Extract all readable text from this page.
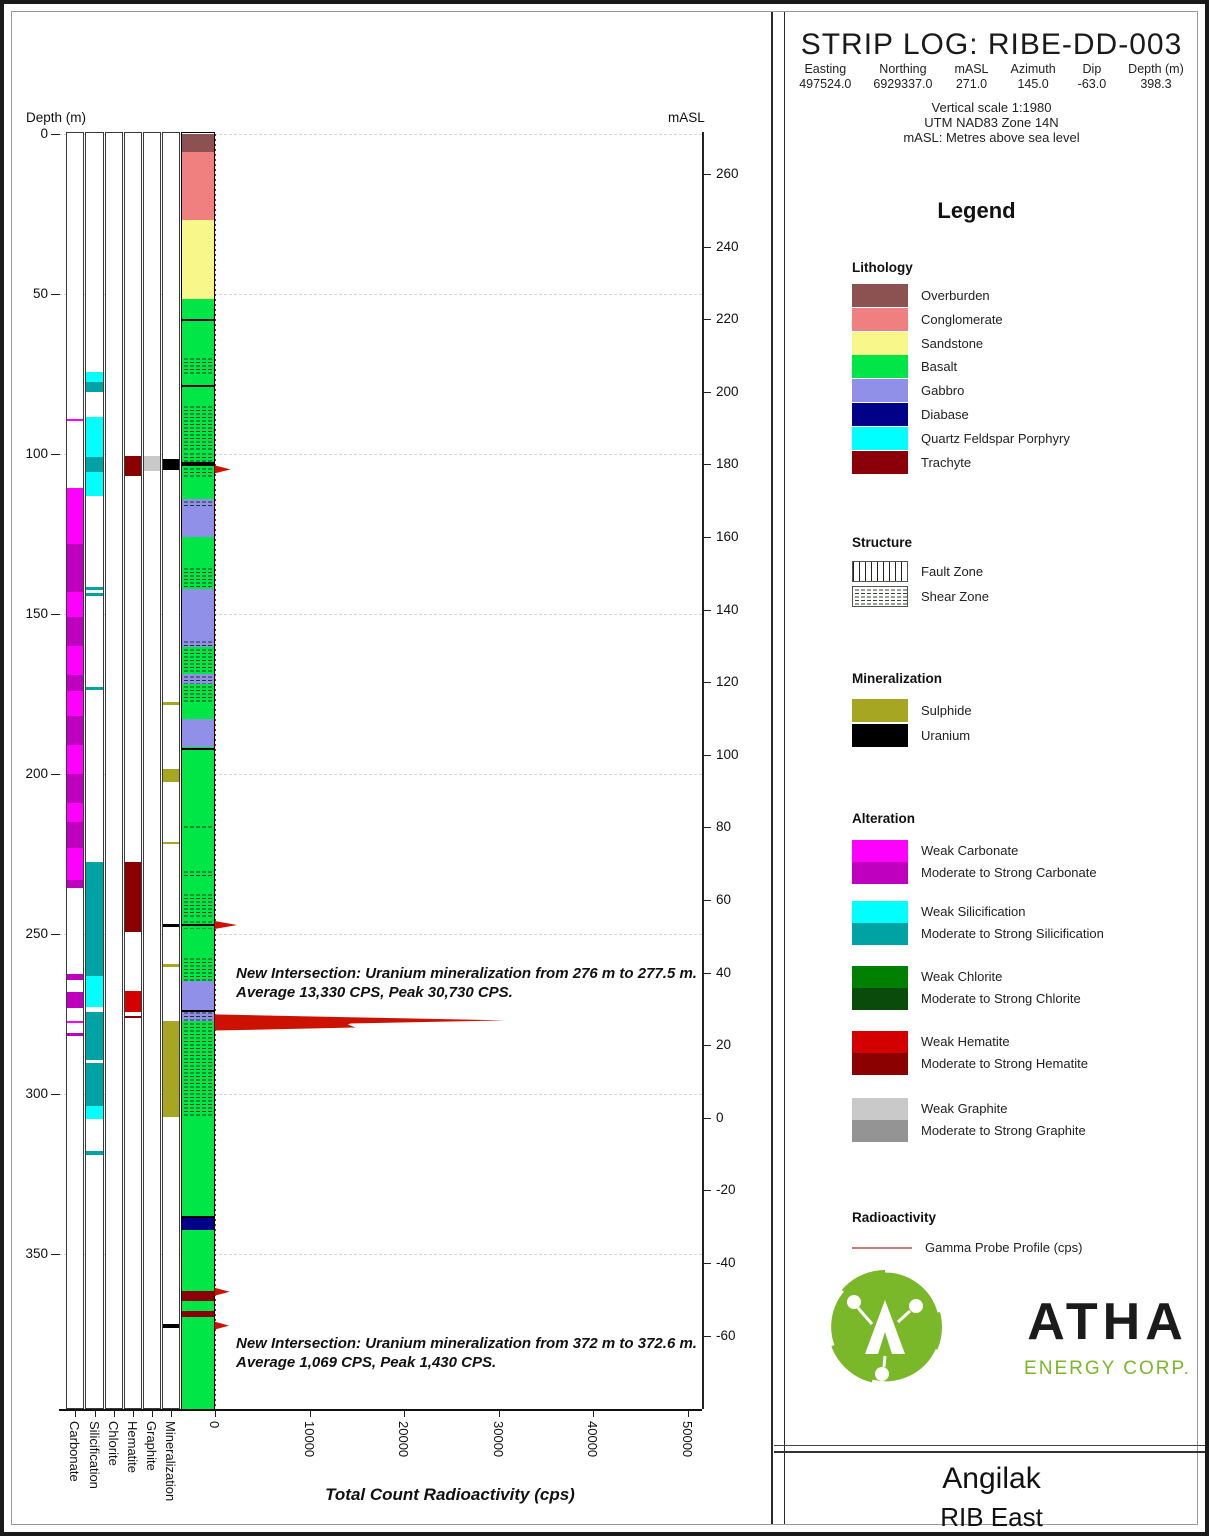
Depth (m)	mASL
New Intersection: Uranium mineralization from 276 m to 277.5 m. Average 13,330 CPS, Peak 30,730 CPS.
New Intersection: Uranium mineralization from 372 m to 372.6 m. Average 1,069 CPS, Peak 1,430 CPS.
Total Count Radioactivity (cps)
0
50
100
150
200
250
300
350
260
240
220
200
180
160
140
120
100
80
60
40
20
0
-20
-40
-60
Carbonate Silicification Chlorite Hematite Graphite Mineralization 0	10000	20000	30000	40000	50000
STRIP LOG: RIBE-DD-003
Easting
497524.0
Northing
6929337.0
mASL
271.0
Azimuth
145.0
Dip
-63.0
Depth (m)
398.3
Vertical scale 1:1980
UTM NAD83 Zone 14N
mASL: Metres above sea level
Legend
Lithology
Overburden
Conglomerate
Sandstone
Basalt
Gabbro
Diabase
Quartz Feldspar Porphyry
Trachyte
Structure
Fault Zone
Shear Zone
Mineralization
Sulphide
Uranium
Alteration
Weak Carbonate
Moderate to Strong Carbonate
Weak Silicification
Moderate to Strong Silicification
Weak Chlorite
Moderate to Strong Chlorite
Weak Hematite
Moderate to Strong Hematite
Weak Graphite
Moderate to Strong Graphite
Radioactivity
Gamma Probe Profile (cps)
ATHA
ENERGY CORP.
Angilak
RIB East
